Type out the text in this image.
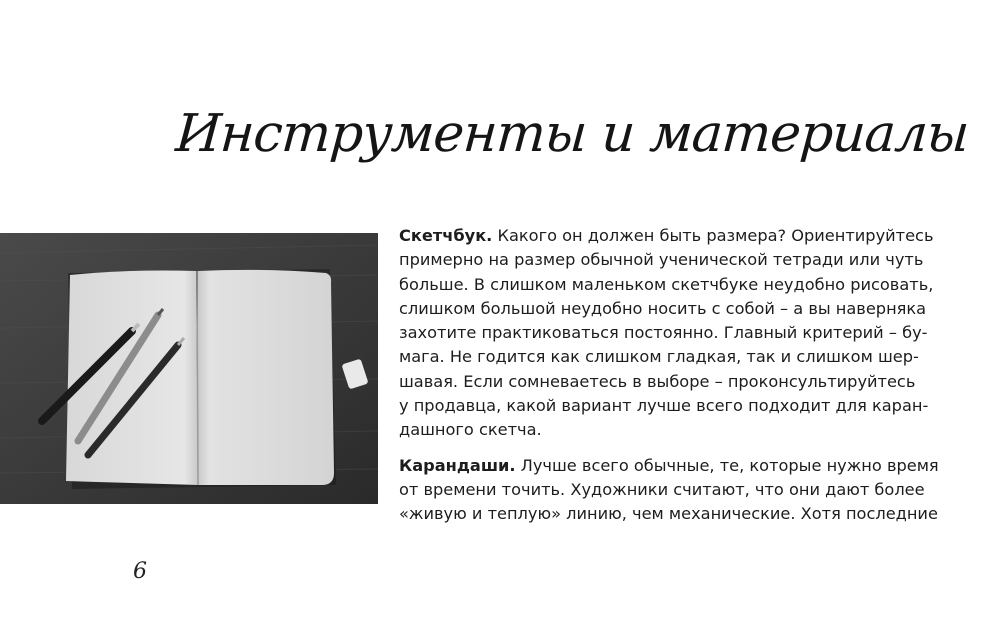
Инструменты и материалы

Скетчбук. Какого он должен быть размера? Ориентируйтесь
примерно на размер обычной ученической тетради или чуть
больше. В слишком маленьком скетчбуке неудобно рисовать,
слишком большой неудобно носить с собой – а вы наверняка
захотите практиковаться постоянно. Главный критерий – бу-
мага. Не годится как слишком гладкая, так и слишком шер-
шавая. Если сомневаетесь в выборе – проконсультируйтесь
у продавца, какой вариант лучше всего подходит для каран-
дашного скетча.

Карандаши. Лучше всего обычные, те, которые нужно время
от времени точить. Художники считают, что они дают более
«живую и теплую» линию, чем механические. Хотя последние

6
